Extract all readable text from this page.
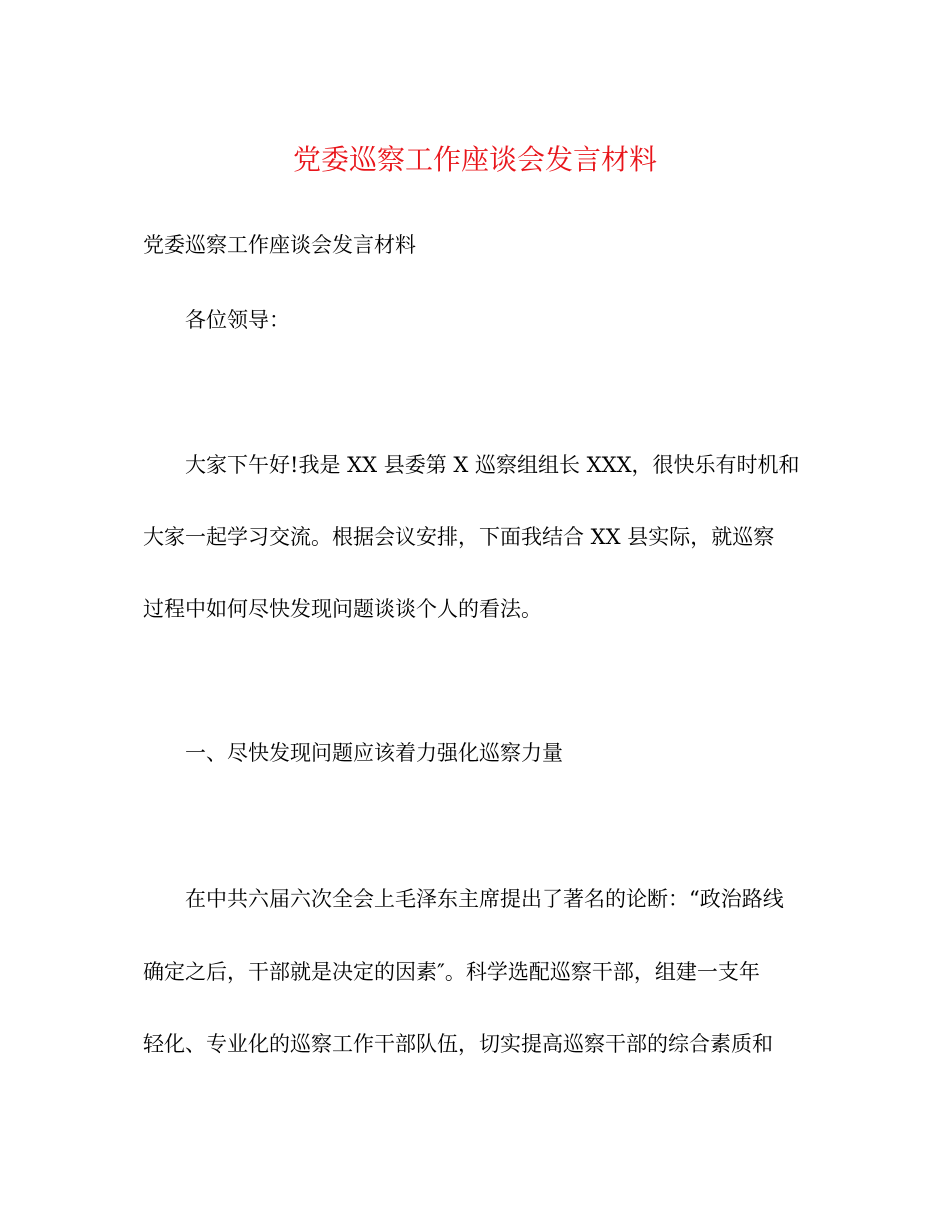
党委巡察工作座谈会发言材料
党委巡察工作座谈会发言材料
各位领导：
大家下午好!我是 XX 县委第 X 巡察组组长 XXX，很快乐有时机和
大家一起学习交流。根据会议安排，下面我结合 XX 县实际，就巡察
过程中如何尽快发现问题谈谈个人的看法。
一、尽快发现问题应该着力强化巡察力量
在中共六届六次全会上毛泽东主席提出了著名的论断：“政治路线
确定之后，干部就是决定的因素″。科学选配巡察干部，组建一支年
轻化、专业化的巡察工作干部队伍，切实提高巡察干部的综合素质和
